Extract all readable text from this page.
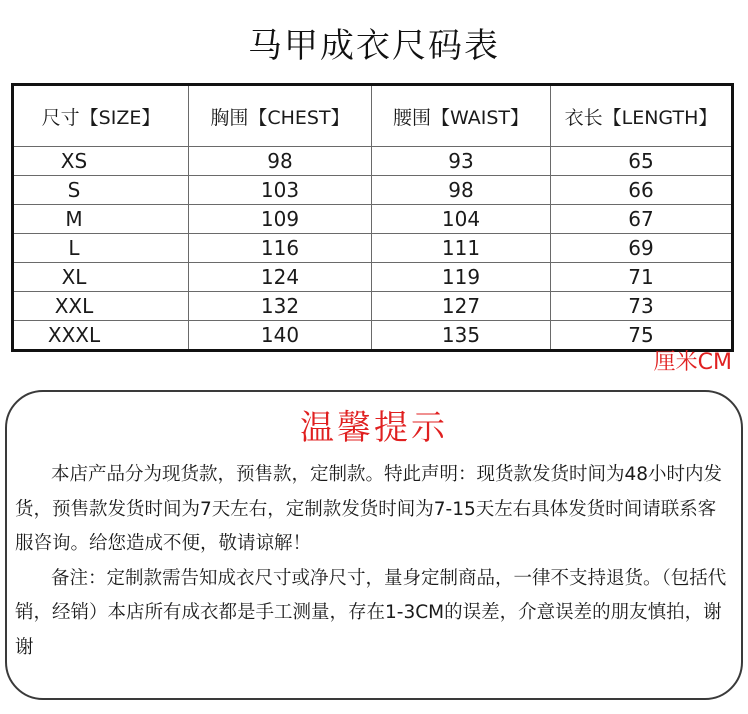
马甲成衣尺码表
尺寸【SIZE】	胸围【CHEST】	腰围【WAIST】	衣长【LENGTH】
XS	98	93	65
S	103	98	66
M	109	104	67
L	116	111	69
XL	124	119	71
XXL	132	127	73
XXXL	140	135	75
厘米CM
温馨提示

本店产品分为现货款，预售款，定制款。特此声明：现货款发货时间为48小时内发货，预售款发货时间为7天左右，定制款发货时间为7-15天左右具体发货时间请联系客服咨询。给您造成不便，敬请谅解！

备注：定制款需告知成衣尺寸或净尺寸，量身定制商品，一律不支持退货。（包括代销，经销）本店所有成衣都是手工测量，存在1-3CM的误差，介意误差的朋友慎拍，谢谢
